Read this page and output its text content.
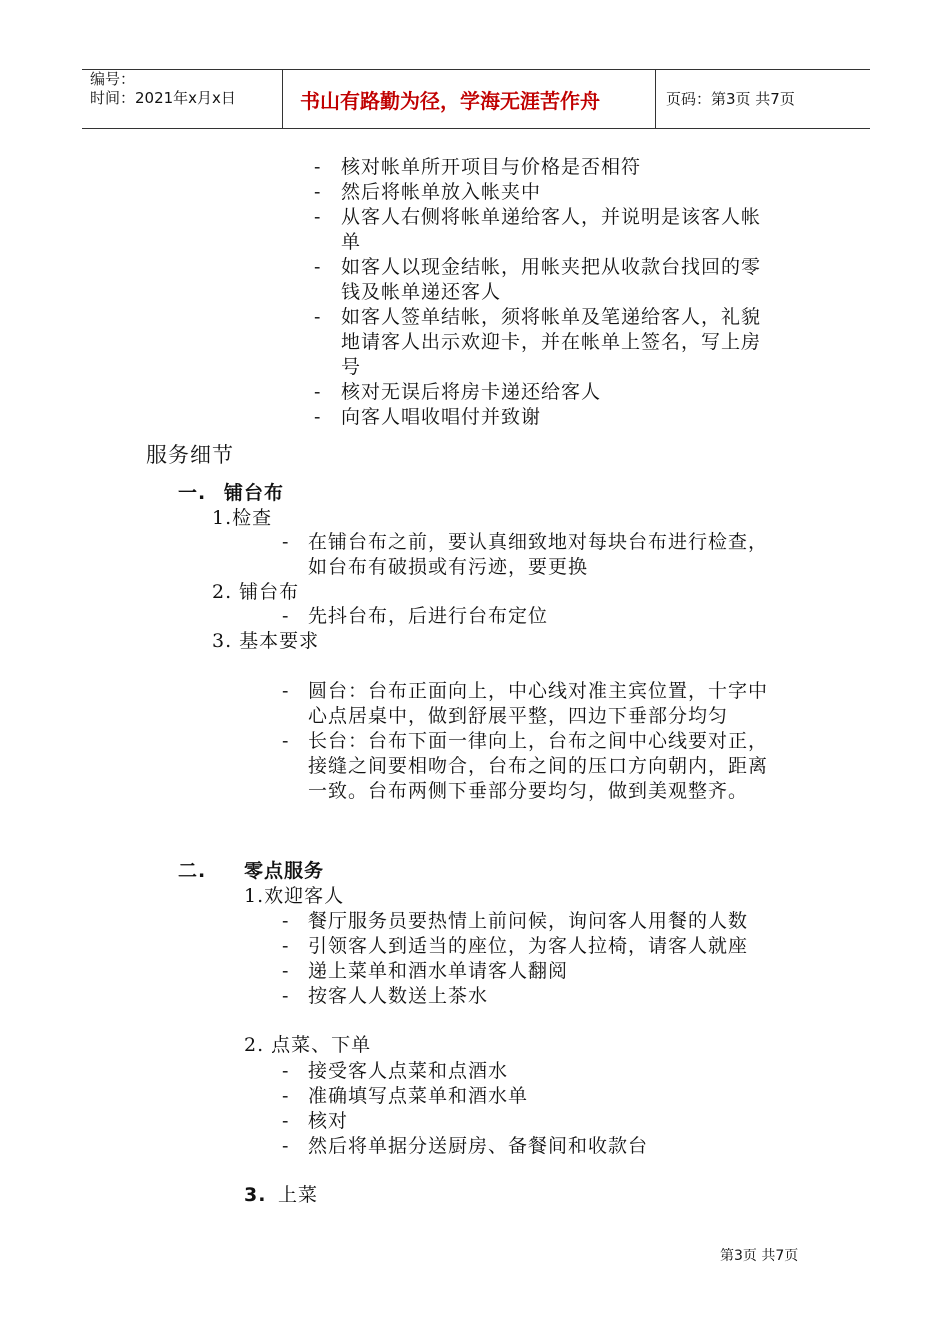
编号：
时间：2021年x月x日	书山有路勤为径，学海无涯苦作舟	页码：第3页 共7页
- 核对帐单所开项目与价格是否相符
- 然后将帐单放入帐夹中
- 从客人右侧将帐单递给客人，并说明是该客人帐
单
- 如客人以现金结帐，用帐夹把从收款台找回的零
钱及帐单递还客人
- 如客人签单结帐，须将帐单及笔递给客人，礼貌
地请客人出示欢迎卡，并在帐单上签名，写上房
号
- 核对无误后将房卡递还给客人
- 向客人唱收唱付并致谢
服务细节
一. 铺台布
1.检查
- 在铺台布之前，要认真细致地对每块台布进行检查，
如台布有破损或有污迹，要更换
2. 铺台布
- 先抖台布，后进行台布定位
3. 基本要求
- 圆台：台布正面向上，中心线对准主宾位置，十字中
心点居桌中，做到舒展平整，四边下垂部分均匀
- 长台：台布下面一律向上，台布之间中心线要对正，
接缝之间要相吻合，台布之间的压口方向朝内，距离
一致。台布两侧下垂部分要均匀，做到美观整齐。
二. 零点服务
1.欢迎客人
- 餐厅服务员要热情上前问候，询问客人用餐的人数
- 引领客人到适当的座位，为客人拉椅，请客人就座
- 递上菜单和酒水单请客人翻阅
- 按客人人数送上茶水
2. 点菜、下单
- 接受客人点菜和点酒水
- 准确填写点菜单和酒水单
- 核对
- 然后将单据分送厨房、备餐间和收款台
3. 上菜
第3页 共7页
